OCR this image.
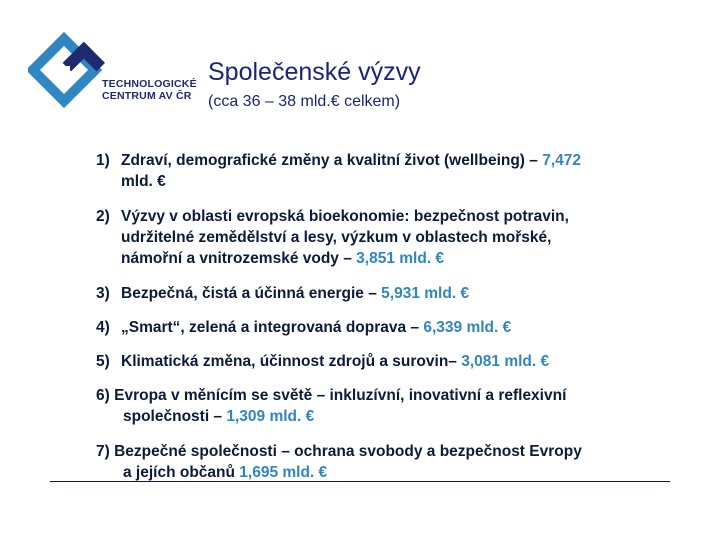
TECHNOLOGICKÉ
CENTRUM AV ČR
Společenské výzvy
(cca 36 – 38 mld.€ celkem)
1) Zdraví, demografické změny a kvalitní život (wellbeing) – 7,472
mld. €
2) Výzvy v oblasti evropská bioekonomie: bezpečnost potravin,
udržitelné zemědělství a lesy, výzkum v oblastech mořské,
námořní a vnitrozemské vody – 3,851 mld. €
3) Bezpečná, čistá a účinná energie – 5,931 mld. €
4) „Smart“, zelená a integrovaná doprava – 6,339 mld. €
5) Klimatická změna, účinnost zdrojů a surovin– 3,081 mld. €
6) Evropa v měnícím se světě – inkluzívní, inovativní a reflexivní
společnosti – 1,309 mld. €
7) Bezpečné společnosti – ochrana svobody a bezpečnost Evropy
a jejích občanů 1,695 mld. €
